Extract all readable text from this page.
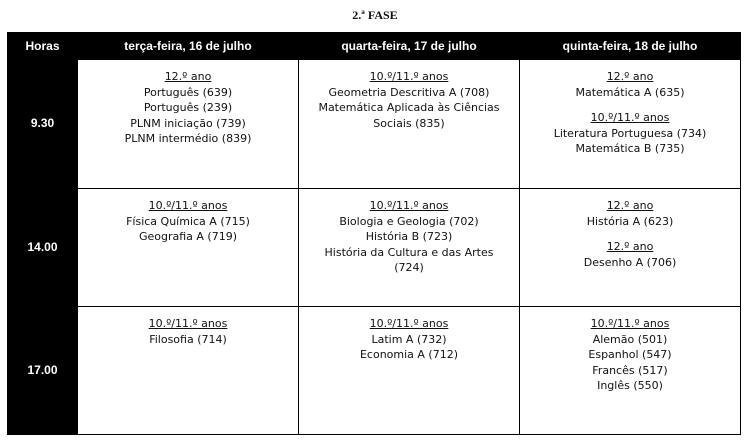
2.ª FASE
Horas	terça-feira, 16 de julho	quarta-feira, 17 de julho	quinta-feira, 18 de julho
9.30	12.º ano
Português (639)
Português (239)
PLNM iniciação (739)
PLNM intermédio (839)	10.º/11.º anos
Geometria Descritiva A (708)
Matemática Aplicada às Ciências
Sociais (835)	12.º ano
Matemática A (635)
10.º/11.º anos
Literatura Portuguesa (734)
Matemática B (735)

14.00	10.º/11.º anos
Física Química A (715)
Geografia A (719)	10.º/11.º anos
Biologia e Geologia (702)
História B (723)
História da Cultura e das Artes
(724)	12.º ano
História A (623)
12.º ano
Desenho A (706)

17.00	10.º/11.º anos
Filosofia (714)	10.º/11.º anos
Latim A (732)
Economia A (712)	10.º/11.º anos
Alemão (501)
Espanhol (547)
Francês (517)
Inglês (550)
